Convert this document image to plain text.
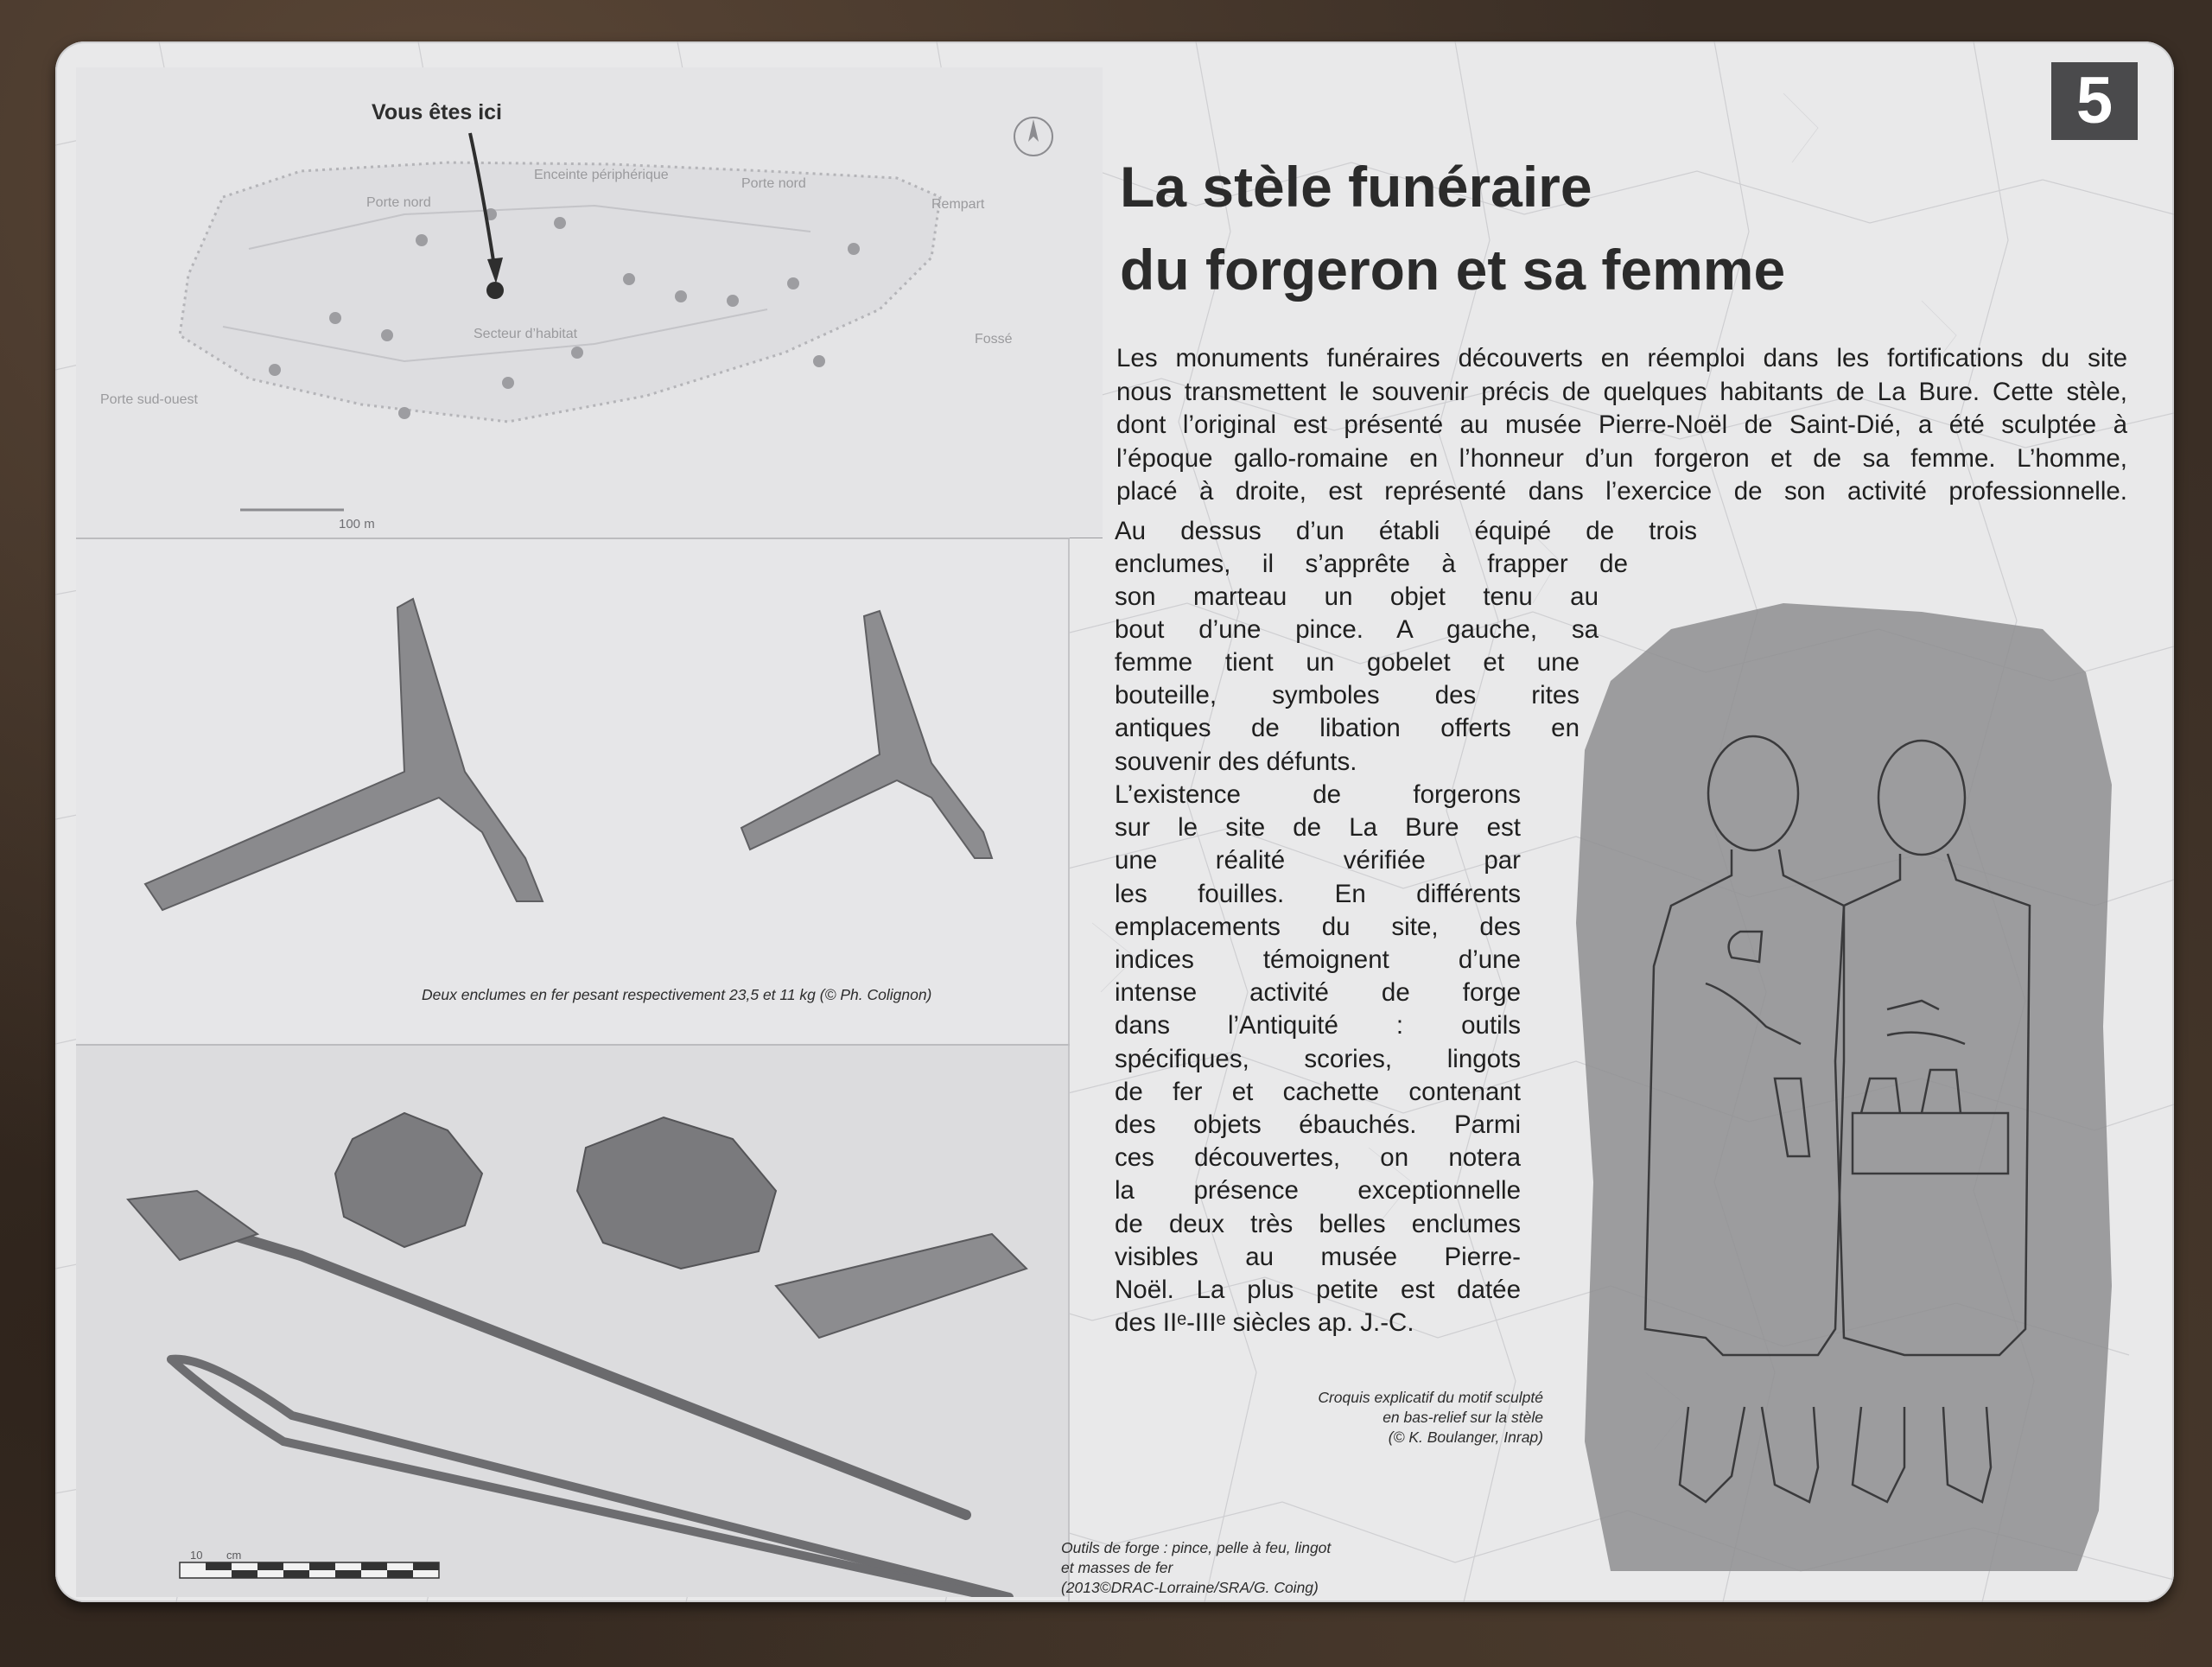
Vous êtes ici
Enceinte périphérique
Porte nord
Porte nord	Rempart
Secteur d’habitat	Fossé
Porte sud-ouest
100 m
Deux enclumes en fer pesant respectivement 23,5 et 11 kg (© Ph. Colignon)
10 cm
5
La stèle funéraire
du forgeron et sa femme

Les monuments funéraires découverts en réemploi dans les fortifications du site
nous transmettent le souvenir précis de quelques habitants de La Bure. Cette stèle,
dont l’original est présenté au musée Pierre-Noël de Saint-Dié, a été sculptée à
l’époque gallo-romaine en l’honneur d’un forgeron et de sa femme. L’homme,
placé à droite, est représenté dans l’exercice de son activité professionnelle.

Au dessus d’un établi équipé de trois
enclumes, il s’apprête à frapper de
son marteau un objet tenu au
bout d’une pince. A gauche, sa
femme tient un gobelet et une
bouteille, symboles des rites
antiques de libation offerts en
souvenir des défunts.
L’existence de forgerons
sur le site de La Bure est
une réalité vérifiée par
les fouilles. En différents
emplacements du site, des
indices témoignent d’une
intense activité de forge
dans l’Antiquité : outils
spécifiques, scories, lingots
de fer et cachette contenant
des objets ébauchés. Parmi
ces découvertes, on notera
la présence exceptionnelle
de deux très belles enclumes
visibles au musée Pierre-
Noël. La plus petite est datée
des IIᵉ-IIIᵉ siècles ap. J.-C.
Croquis explicatif du motif sculpté
en bas-relief sur la stèle
(© K. Boulanger, Inrap)
Outils de forge : pince, pelle à feu, lingot
et masses de fer
(2013©DRAC-Lorraine/SRA/G. Coing)
